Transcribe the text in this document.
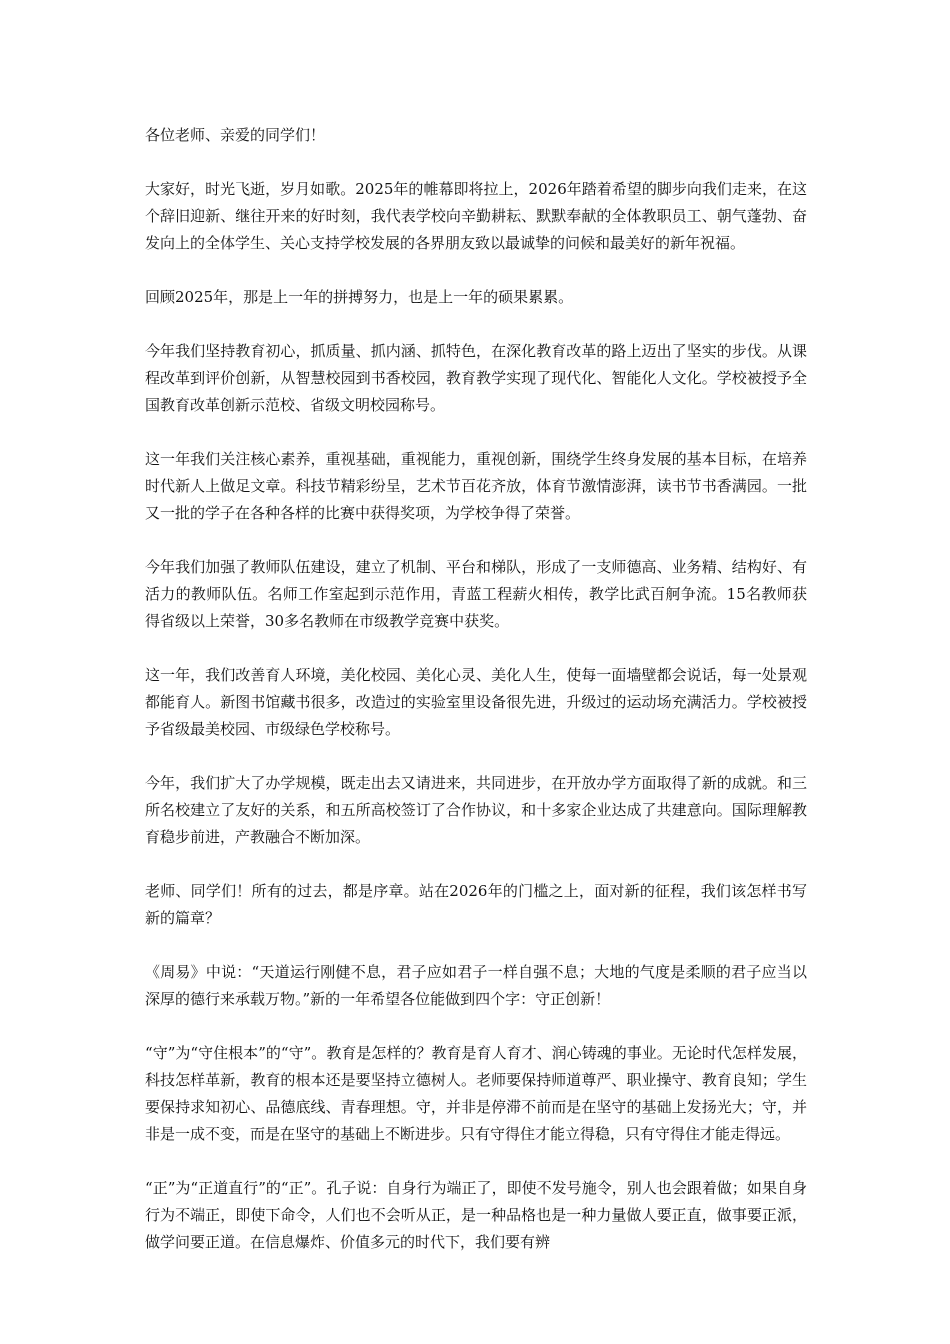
各位老师、亲爱的同学们！

大家好，时光飞逝，岁月如歌。2025年的帷幕即将拉上，2026年踏着希望的脚步向我们走来，在这个辞旧迎新、继往开来的好时刻，我代表学校向辛勤耕耘、默默奉献的全体教职员工、朝气蓬勃、奋发向上的全体学生、关心支持学校发展的各界朋友致以最诚挚的问候和最美好的新年祝福。

回顾2025年，那是上一年的拼搏努力，也是上一年的硕果累累。

今年我们坚持教育初心，抓质量、抓内涵、抓特色，在深化教育改革的路上迈出了坚实的步伐。从课程改革到评价创新，从智慧校园到书香校园，教育教学实现了现代化、智能化人文化。学校被授予全国教育改革创新示范校、省级文明校园称号。

这一年我们关注核心素养，重视基础，重视能力，重视创新，围绕学生终身发展的基本目标，在培养时代新人上做足文章。科技节精彩纷呈，艺术节百花齐放，体育节激情澎湃，读书节书香满园。一批又一批的学子在各种各样的比赛中获得奖项，为学校争得了荣誉。

今年我们加强了教师队伍建设，建立了机制、平台和梯队，形成了一支师德高、业务精、结构好、有活力的教师队伍。名师工作室起到示范作用，青蓝工程薪火相传，教学比武百舸争流。15名教师获得省级以上荣誉，30多名教师在市级教学竞赛中获奖。

这一年，我们改善育人环境，美化校园、美化心灵、美化人生，使每一面墙壁都会说话，每一处景观都能育人。新图书馆藏书很多，改造过的实验室里设备很先进，升级过的运动场充满活力。学校被授予省级最美校园、市级绿色学校称号。

今年，我们扩大了办学规模，既走出去又请进来，共同进步，在开放办学方面取得了新的成就。和三所名校建立了友好的关系，和五所高校签订了合作协议，和十多家企业达成了共建意向。国际理解教育稳步前进，产教融合不断加深。

老师、同学们！所有的过去，都是序章。站在2026年的门槛之上，面对新的征程，我们该怎样书写新的篇章？

《周易》中说：“天道运行刚健不息，君子应如君子一样自强不息；大地的气度是柔顺的君子应当以深厚的德行来承载万物。”新的一年希望各位能做到四个字：守正创新！

“守”为“守住根本”的“守”。教育是怎样的？教育是育人育才、润心铸魂的事业。无论时代怎样发展，科技怎样革新，教育的根本还是要坚持立德树人。老师要保持师道尊严、职业操守、教育良知；学生要保持求知初心、品德底线、青春理想。守，并非是停滞不前而是在坚守的基础上发扬光大；守，并非是一成不变，而是在坚守的基础上不断进步。只有守得住才能立得稳，只有守得住才能走得远。

“正”为“正道直行”的“正”。孔子说：自身行为端正了，即使不发号施令，别人也会跟着做；如果自身行为不端正，即使下命令，人们也不会听从正，是一种品格也是一种力量做人要正直，做事要正派，做学问要正道。在信息爆炸、价值多元的时代下，我们要有辨
